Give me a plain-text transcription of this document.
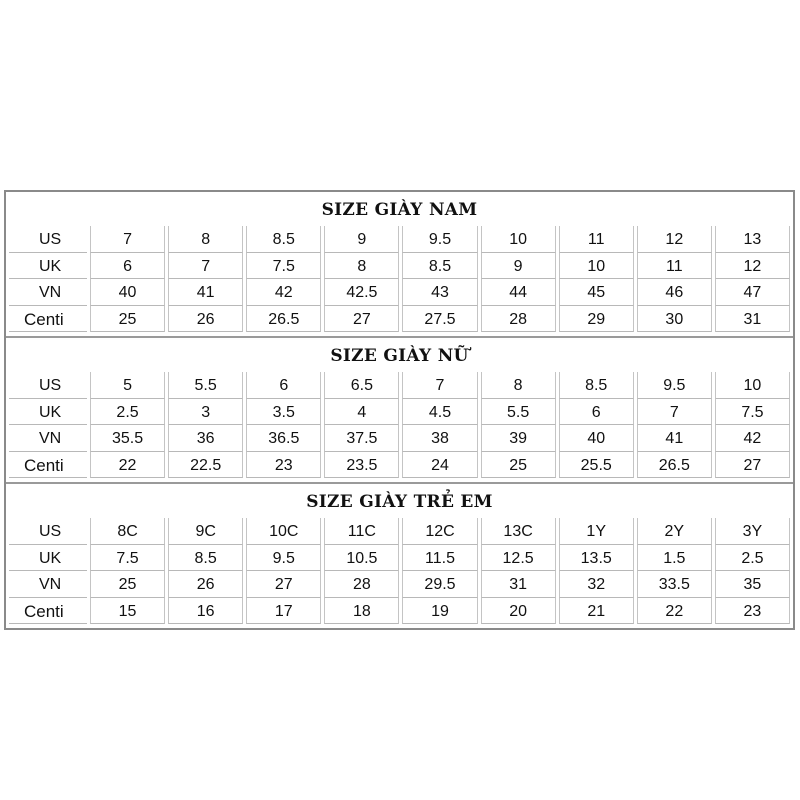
SIZE GIÀY NAM
US	7	8	8.5	9	9.5	10	11	12	13
UK	6	7	7.5	8	8.5	9	10	11	12
VN	40	41	42	42.5	43	44	45	46	47
Centi	25	26	26.5	27	27.5	28	29	30	31
SIZE GIÀY NỮ
US	5	5.5	6	6.5	7	8	8.5	9.5	10
UK	2.5	3	3.5	4	4.5	5.5	6	7	7.5
VN	35.5	36	36.5	37.5	38	39	40	41	42
Centi	22	22.5	23	23.5	24	25	25.5	26.5	27
SIZE GIÀY TRẺ EM
US	8C	9C	10C	11C	12C	13C	1Y	2Y	3Y
UK	7.5	8.5	9.5	10.5	11.5	12.5	13.5	1.5	2.5
VN	25	26	27	28	29.5	31	32	33.5	35
Centi	15	16	17	18	19	20	21	22	23
